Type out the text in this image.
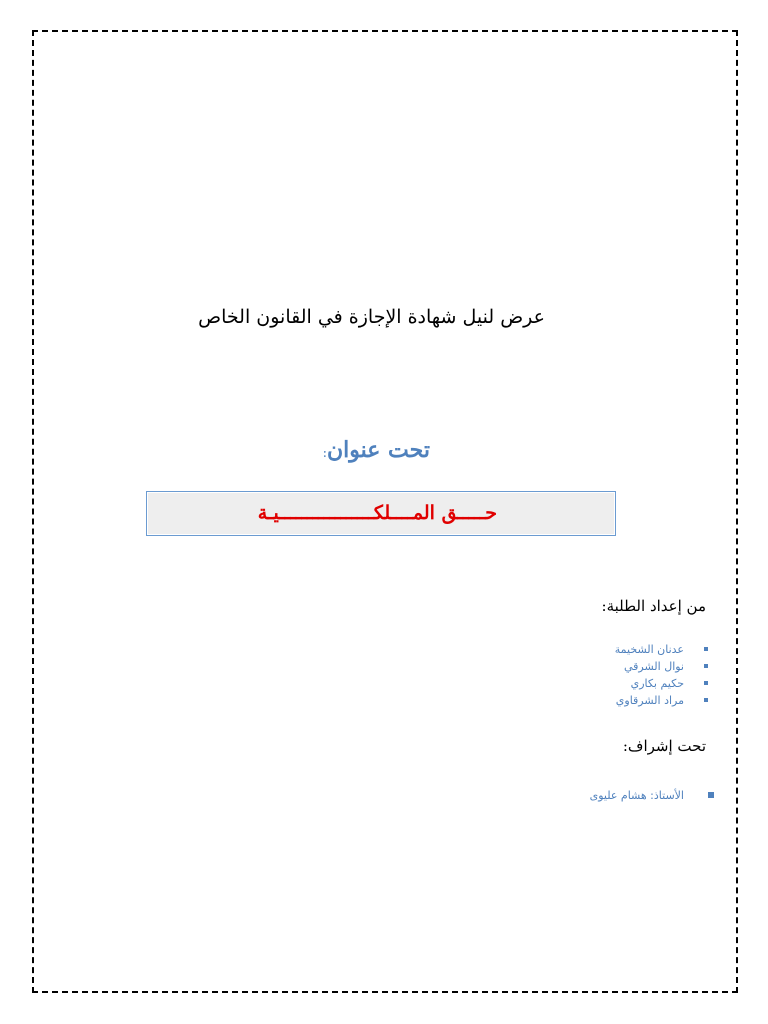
عرض لنيل شهادة الإجازة في القانون الخاص
تحت عنوان:
حـــــق المــــلكـــــــــــــــــيـة
:من إعداد الطلبة
عدنان الشخيمة
نوال الشرقي
حكيم بكاري
مراد الشرقاوي
:تحت إشراف
الأستاذ: هشام عليوى
